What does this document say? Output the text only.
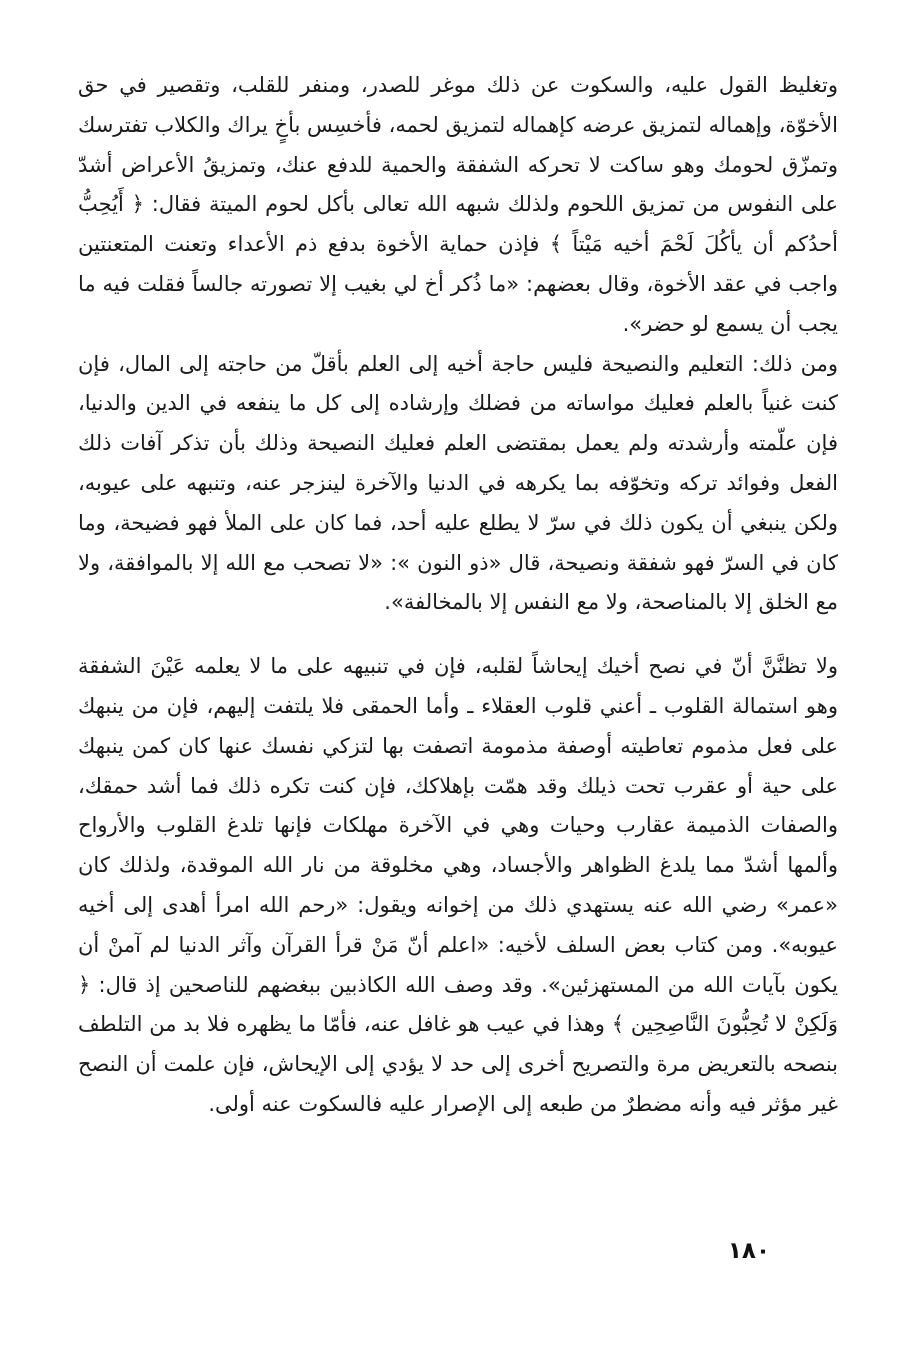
وتغليظ القول عليه، والسكوت عن ذلك موغر للصدر، ومنفر للقلب، وتقصير في حق الأخوّة، وإهماله لتمزيق عرضه كإهماله لتمزيق لحمه، فأخسِس بأخٍ يراك والكلاب تفترسك وتمزّق لحومك وهو ساكت لا تحركه الشفقة والحمية للدفع عنك، وتمزيقُ الأعراض أشدّ على النفوس من تمزيق اللحوم ولذلك شبهه الله تعالى بأكل لحوم الميتة فقال: ﴿ أَيُحِبُّ أحدُكم أن يأكُلَ لَحْمَ أخيه مَيْتاً ﴾ فإذن حماية الأخوة بدفع ذم الأعداء وتعنت المتعنتين واجب في عقد الأخوة، وقال بعضهم: «ما ذُكر أخ لي بغيب إلا تصورته جالساً فقلت فيه ما يجب أن يسمع لو حضر».

ومن ذلك: التعليم والنصيحة فليس حاجة أخيه إلى العلم بأقلّ من حاجته إلى المال، فإن كنت غنياً بالعلم فعليك مواساته من فضلك وإرشاده إلى كل ما ينفعه في الدين والدنيا، فإن علّمته وأرشدته ولم يعمل بمقتضى العلم فعليك النصيحة وذلك بأن تذكر آفات ذلك الفعل وفوائد تركه وتخوّفه بما يكرهه في الدنيا والآخرة لينزجر عنه، وتنبهه على عيوبه، ولكن ينبغي أن يكون ذلك في سرّ لا يطلع عليه أحد، فما كان على الملأ فهو فضيحة، وما كان في السرّ فهو شفقة ونصيحة، قال «ذو النون »: «لا تصحب مع الله إلا بالموافقة، ولا مع الخلق إلا بالمناصحة، ولا مع النفس إلا بالمخالفة».

ولا تظنَّنَّ أنّ في نصح أخيك إيحاشاً لقلبه، فإن في تنبيهه على ما لا يعلمه عَيْنَ الشفقة وهو استمالة القلوب ـ أعني قلوب العقلاء ـ وأما الحمقى فلا يلتفت إليهم، فإن من ينبهك على فعل مذموم تعاطيته أوصفة مذمومة اتصفت بها لتزكي نفسك عنها كان كمن ينبهك على حية أو عقرب تحت ذيلك وقد همّت بإهلاكك، فإن كنت تكره ذلك فما أشد حمقك، والصفات الذميمة عقارب وحيات وهي في الآخرة مهلكات فإنها تلدغ القلوب والأرواح وألمها أشدّ مما يلدغ الظواهر والأجساد، وهي مخلوقة من نار الله الموقدة، ولذلك كان «عمر» رضي الله عنه يستهدي ذلك من إخوانه ويقول: «رحم الله امرأ أهدى إلى أخيه عيوبه». ومن كتاب بعض السلف لأخيه: «اعلم أنّ مَنْ قرأ القرآن وآثر الدنيا لم آمنْ أن يكون بآيات الله من المستهزئين». وقد وصف الله الكاذبين ببغضهم للناصحين إذ قال: ﴿ وَلَكِنْ لا تُحِبُّونَ النَّاصِحِين ﴾ وهذا في عيب هو غافل عنه، فأمّا ما يظهره فلا بد من التلطف بنصحه بالتعريض مرة والتصريح أخرى إلى حد لا يؤدي إلى الإيحاش، فإن علمت أن النصح غير مؤثر فيه وأنه مضطرٌ من طبعه إلى الإصرار عليه فالسكوت عنه أولى.

١٨٠
